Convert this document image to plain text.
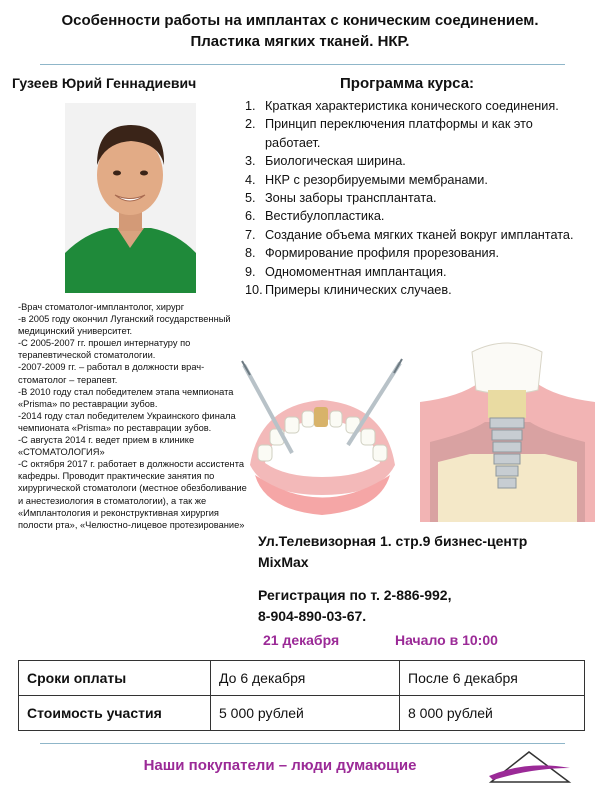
Особенности работы на имплантах с коническим соединением.
Пластика мягких тканей. НКР.
Гузеев Юрий Геннадиевич	Программа курса:
-Врач стоматолог-имплантолог, хирург
-в 2005 году окончил Луганский государственный медицинский университет.
-С 2005-2007 гг. прошел интернатуру по терапевтической стоматологии.
-2007-2009 гг. – работал в должности врач-стоматолог – терапевт.
-В 2010 году стал победителем этапа чемпионата «Prisma» по реставрации зубов.
-2014 году стал победителем Украинского финала чемпионата «Prisma» по реставрации зубов.
-С августа 2014 г. ведет прием в клинике «СТОМАТОЛОГИЯ»
-С октября 2017 г. работает в должности ассистента кафедры. Проводит практические занятия по хирургической стоматологи (местное обезболивание и анестезиология в стоматологии), а так же «Имплантология и реконструктивная хирургия полости рта», «Челюстно-лицевое протезирование»
1. Краткая характеристика конического соединения.
2. Принцип переключения платформы и как это работает.
3. Биологическая ширина.
4. НКР с резорбируемыми мембранами.
5. Зоны заборы трансплантата.
6. Вестибулопластика.
7. Создание объема мягких тканей вокруг имплантата.
8. Формирование профиля прорезования.
9. Одномоментная имплантация.
10. Примеры клинических случаев.
Ул.Телевизорная 1. стр.9 бизнес-центр
MixMax
Регистрация по т. 2-886-992,
8-904-890-03-67.
21 декабря	Начало в 10:00
Сроки оплаты	До 6 декабря	После 6 декабря
Стоимость участия	5 000 рублей	8 000 рублей
Наши покупатели – люди думающие
